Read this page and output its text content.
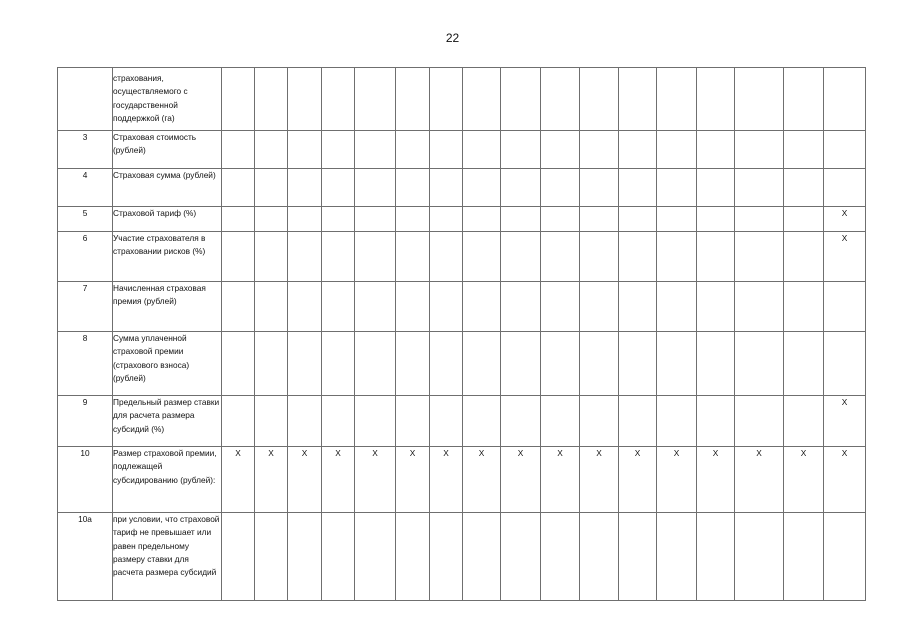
22
	страхования, осуществляемого с государственной поддержкой (га)																	
3	Страховая стоимость (рублей)																	
4	Страховая сумма (рублей)																	
5	Страховой тариф (%)																	X
6	Участие страхователя в страховании рисков (%)																	X
7	Начисленная страховая премия (рублей)																	
8	Сумма уплаченной страховой премии (страхового взноса) (рублей)																	
9	Предельный размер ставки для расчета размера субсидий (%)																	X
10	Размер страховой премии, подлежащей субсидированию (рублей):	X	X	X	X	X	X	X	X	X	X	X	X	X	X	X	X	X
10а	при условии, что страховой тариф не превышает или равен предельному размеру ставки для расчета размера субсидий																	
